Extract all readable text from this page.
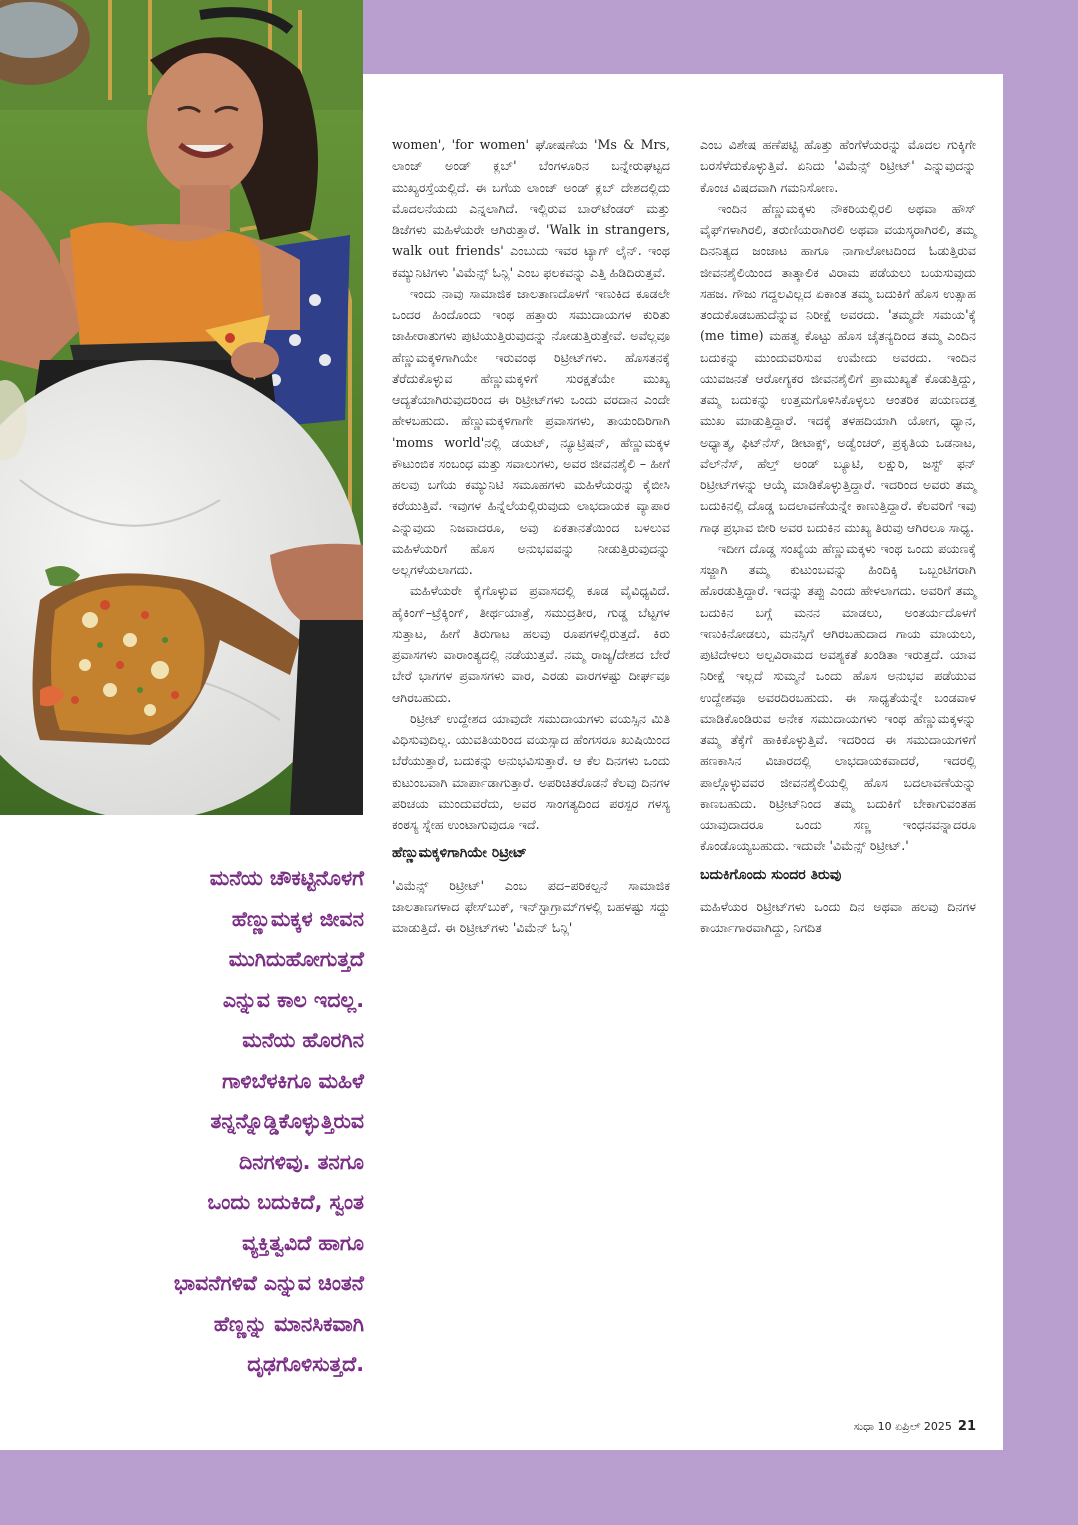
women', 'for women' ಘೋಷಣೆಯ 'Ms & Mrs, ಲಾಂಜ್ ಅಂಡ್ ಕ್ಲಬ್' ಬೆಂಗಳೂರಿನ ಬನ್ನೇರುಘಟ್ಟದ ಮುಖ್ಯರಸ್ತೆಯಲ್ಲಿದೆ. ಈ ಬಗೆಯ ಲಾಂಜ್ ಅಂಡ್ ಕ್ಲಬ್ ದೇಶದಲ್ಲಿದು ಮೊದಲನೆಯದು ಎನ್ನಲಾಗಿದೆ. ಇಲ್ಲಿರುವ ಬಾರ್‌ಟೆಂಡರ್ ಮತ್ತು ಡಿಜೆಗಳು ಮಹಿಳೆಯರೇ ಆಗಿರುತ್ತಾರೆ. 'Walk in strangers, walk out friends' ಎಂಬುದು ಇವರ ಟ್ಯಾಗ್ ಲೈನ್. ಇಂಥ ಕಮ್ಯುನಿಟಿಗಳು 'ವಿಮೆನ್ಸ್ ಓನ್ಲಿ' ಎಂಬ ಫಲಕವನ್ನು ಎತ್ತಿ ಹಿಡಿದಿರುತ್ತವೆ.

ಇಂದು ನಾವು ಸಾಮಾಜಿಕ ಜಾಲತಾಣದೊಳಗೆ ಇಣುಕಿದ ಕೂಡಲೇ ಒಂದರ ಹಿಂದೊಂದು ಇಂಥ ಹತ್ತಾರು ಸಮುದಾಯಗಳ ಕುರಿತು ಜಾಹೀರಾತುಗಳು ಪುಟಿಯುತ್ತಿರುವುದನ್ನು ನೋಡುತ್ತಿರುತ್ತೇವೆ. ಅವೆಲ್ಲವೂ ಹೆಣ್ಣುಮಕ್ಕಳಿಗಾಗಿಯೇ ಇರುವಂಥ ರಿಟ್ರೀಟ್‌ಗಳು. ಹೊಸತನಕ್ಕೆ ತೆರೆದುಕೊಳ್ಳುವ ಹೆಣ್ಣುಮಕ್ಕಳಿಗೆ ಸುರಕ್ಷತೆಯೇ ಮುಖ್ಯ ಆದ್ಯತೆಯಾಗಿರುವುದರಿಂದ ಈ ರಿಟ್ರೀಟ್‌ಗಳು ಒಂದು ವರದಾನ ಎಂದೇ ಹೇಳಬಹುದು. ಹೆಣ್ಣುಮಕ್ಕಳಿಗಾಗೇ ಪ್ರವಾಸಗಳು, ತಾಯಂದಿರಿಗಾಗಿ 'moms world'ನಲ್ಲಿ ಡಯಟ್, ನ್ಯೂಟ್ರಿಷನ್, ಹೆಣ್ಣುಮಕ್ಕಳ ಕೌಟುಂಬಿಕ ಸಂಬಂಧ ಮತ್ತು ಸವಾಲುಗಳು, ಅವರ ಜೀವನಶೈಲಿ – ಹೀಗೆ ಹಲವು ಬಗೆಯ ಕಮ್ಯುನಿಟಿ ಸಮೂಹಗಳು ಮಹಿಳೆಯರನ್ನು ಕೈಬೀಸಿ ಕರೆಯುತ್ತಿವೆ. ಇವುಗಳ ಹಿನ್ನೆಲೆಯಲ್ಲಿರುವುದು ಲಾಭದಾಯಕ ವ್ಯಾಪಾರ ಎನ್ನುವುದು ನಿಜವಾದರೂ, ಅವು ಏಕತಾನತೆಯಿಂದ ಬಳಲುವ ಮಹಿಳೆಯರಿಗೆ ಹೊಸ ಅನುಭವವನ್ನು ನೀಡುತ್ತಿರುವುದನ್ನು ಅಲ್ಲಗಳೆಯಲಾಗದು.

ಮಹಿಳೆಯರೇ ಕೈಗೊಳ್ಳುವ ಪ್ರವಾಸದಲ್ಲಿ ಕೂಡ ವೈವಿಧ್ಯವಿದೆ. ಹೈಕಿಂಗ್–ಟ್ರೆಕ್ಕಿಂಗ್, ತೀರ್ಥಯಾತ್ರೆ, ಸಮುದ್ರತೀರ, ಗುಡ್ಡ ಬೆಟ್ಟಗಳ ಸುತ್ತಾಟ, ಹೀಗೆ ತಿರುಗಾಟ ಹಲವು ರೂಪಗಳಲ್ಲಿರುತ್ತದೆ. ಕಿರು ಪ್ರವಾಸಗಳು ವಾರಾಂತ್ಯದಲ್ಲಿ ನಡೆಯುತ್ತವೆ. ನಮ್ಮ ರಾಜ್ಯ/ದೇಶದ ಬೇರೆ ಬೇರೆ ಭಾಗಗಳ ಪ್ರವಾಸಗಳು ವಾರ, ಎರಡು ವಾರಗಳಷ್ಟು ದೀರ್ಘವೂ ಆಗಿರಬಹುದು.

ರಿಟ್ರೀಟ್ ಉದ್ದೇಶದ ಯಾವುದೇ ಸಮುದಾಯಗಳು ವಯಸ್ಸಿನ ಮಿತಿ ವಿಧಿಸುವುದಿಲ್ಲ. ಯುವತಿಯರಿಂದ ವಯಸ್ಸಾದ ಹೆಂಗಸರೂ ಖುಷಿಯಿಂದ ಬೆರೆಯುತ್ತಾರೆ, ಬದುಕನ್ನು ಅನುಭವಿಸುತ್ತಾರೆ. ಆ ಕೆಲ ದಿನಗಳು ಒಂದು ಕುಟುಂಬವಾಗಿ ಮಾರ್ಪಾಡಾಗುತ್ತಾರೆ. ಅಪರಿಚಿತರೊಡನೆ ಕೆಲವು ದಿನಗಳ ಪರಿಚಯ ಮುಂದುವರೆದು, ಅವರ ಸಾಂಗತ್ಯದಿಂದ ಪರಸ್ಪರ ಗಳಸ್ಯ ಕಂಠಸ್ಯ ಸ್ನೇಹ ಉಂಟಾಗುವುದೂ ಇದೆ.

ಹೆಣ್ಣುಮಕ್ಕಳಿಗಾಗಿಯೇ ರಿಟ್ರೀಟ್

'ವಿಮೆನ್ಸ್ ರಿಟ್ರೀಟ್' ಎಂಬ ಪದ–ಪರಿಕಲ್ಪನೆ ಸಾಮಾಜಿಕ ಜಾಲತಾಣಗಳಾದ ಫೇಸ್‌ಬುಕ್, ಇನ್‌ಸ್ಟಾಗ್ರಾಮ್‌ಗಳಲ್ಲಿ ಬಹಳಷ್ಟು ಸದ್ದು ಮಾಡುತ್ತಿದೆ. ಈ ರಿಟ್ರೀಟ್‌ಗಳು 'ವಿಮೆನ್ ಓನ್ಲಿ'

ಎಂಬ ವಿಶೇಷ ಹಣೆಪಟ್ಟಿ ಹೊತ್ತು ಹೆಂಗೆಳೆಯರನ್ನು ಮೊದಲ ಗುಕ್ಕಿಗೇ ಬರಸೆಳೆದುಕೊಳ್ಳುತ್ತಿವೆ. ಏನಿದು 'ವಿಮೆನ್ಸ್ ರಿಟ್ರೀಟ್' ಎನ್ನುವುದನ್ನು ಕೊಂಚ ವಿಷದವಾಗಿ ಗಮನಿಸೋಣ.

ಇಂದಿನ ಹೆಣ್ಣುಮಕ್ಕಳು ನೌಕರಿಯಲ್ಲಿರಲಿ ಅಥವಾ ಹೌಸ್ ವೈಫ್‌ಗಳಾಗಿರಲಿ, ತರುಣಿಯರಾಗಿರಲಿ ಅಥವಾ ವಯಸ್ಕರಾಗಿರಲಿ, ತಮ್ಮ ದಿನನಿತ್ಯದ ಜಂಜಾಟ ಹಾಗೂ ನಾಗಾಲೋಟದಿಂದ ಓಡುತ್ತಿರುವ ಜೀವನಶೈಲಿಯಿಂದ ತಾತ್ಕಾಲಿಕ ವಿರಾಮ ಪಡೆಯಲು ಬಯಸುವುದು ಸಹಜ. ಗೌಜು ಗದ್ದಲವಿಲ್ಲದ ಏಕಾಂತ ತಮ್ಮ ಬದುಕಿಗೆ ಹೊಸ ಉತ್ಸಾಹ ತಂದುಕೊಡಬಹುದೆನ್ನುವ ನಿರೀಕ್ಷೆ ಅವರದು. 'ತಮ್ಮದೇ ಸಮಯ'ಕ್ಕೆ (me time) ಮಹತ್ವ ಕೊಟ್ಟು ಹೊಸ ಚೈತನ್ಯದಿಂದ ತಮ್ಮ ಎಂದಿನ ಬದುಕನ್ನು ಮುಂದುವರಿಸುವ ಉಮೇದು ಅವರದು. ಇಂದಿನ ಯುವಜನತೆ ಆರೋಗ್ಯಕರ ಜೀವನಶೈಲಿಗೆ ಪ್ರಾಮುಖ್ಯತೆ ಕೊಡುತ್ತಿದ್ದು, ತಮ್ಮ ಬದುಕನ್ನು ಉತ್ತಮಗೊಳಿಸಿಕೊಳ್ಳಲು ಆಂತರಿಕ ಪಯಣದತ್ತ ಮುಖ ಮಾಡುತ್ತಿದ್ದಾರೆ. ಇದಕ್ಕೆ ತಳಹದಿಯಾಗಿ ಯೋಗ, ಧ್ಯಾನ, ಅಧ್ಯಾತ್ಮ, ಫಿಟ್‌ನೆಸ್, ಡೀಟಾಕ್ಸ್, ಅಡ್ವೆಂಚರ್, ಪ್ರಕೃತಿಯ ಒಡನಾಟ, ವೆಲ್‌ನೆಸ್, ಹೆಲ್ತ್ ಅಂಡ್ ಬ್ಯೂಟಿ, ಲಕ್ಷುರಿ, ಜಸ್ಟ್ ಫನ್ ರಿಟ್ರೀಟ್‌ಗಳನ್ನು ಆಯ್ಕೆ ಮಾಡಿಕೊಳ್ಳುತ್ತಿದ್ದಾರೆ. ಇದರಿಂದ ಅವರು ತಮ್ಮ ಬದುಕಿನಲ್ಲಿ ದೊಡ್ಡ ಬದಲಾವಣೆಯನ್ನೇ ಕಾಣುತ್ತಿದ್ದಾರೆ. ಕೆಲವರಿಗೆ ಇವು ಗಾಢ ಪ್ರಭಾವ ಬೀರಿ ಅವರ ಬದುಕಿನ ಮುಖ್ಯ ತಿರುವು ಆಗಿರಲೂ ಸಾಧ್ಯ.

ಇದೀಗ ದೊಡ್ಡ ಸಂಖ್ಯೆಯ ಹೆಣ್ಣುಮಕ್ಕಳು ಇಂಥ ಒಂದು ಪಯಣಕ್ಕೆ ಸಜ್ಜಾಗಿ ತಮ್ಮ ಕುಟುಂಬವನ್ನು ಹಿಂದಿಕ್ಕಿ ಒಬ್ಬಂಟಿಗರಾಗಿ ಹೊರಡುತ್ತಿದ್ದಾರೆ. ಇದನ್ನು ತಪ್ಪು ಎಂದು ಹೇಳಲಾಗದು. ಅವರಿಗೆ ತಮ್ಮ ಬದುಕಿನ ಬಗ್ಗೆ ಮನನ ಮಾಡಲು, ಅಂತರ್ಯದೊಳಗೆ ಇಣುಕಿನೋಡಲು, ಮನಸ್ಸಿಗೆ ಆಗಿರಬಹುದಾದ ಗಾಯ ಮಾಯಲು, ಪುಟಿದೇಳಲು ಅಲ್ಪವಿರಾಮದ ಅವಶ್ಯಕತೆ ಖಂಡಿತಾ ಇರುತ್ತದೆ. ಯಾವ ನಿರೀಕ್ಷೆ ಇಲ್ಲದೆ ಸುಮ್ಮನೆ ಒಂದು ಹೊಸ ಅನುಭವ ಪಡೆಯುವ ಉದ್ದೇಶವೂ ಅವರದಿರಬಹುದು. ಈ ಸಾಧ್ಯತೆಯನ್ನೇ ಬಂಡವಾಳ ಮಾಡಿಕೊಂಡಿರುವ ಅನೇಕ ಸಮುದಾಯಗಳು ಇಂಥ ಹೆಣ್ಣುಮಕ್ಕಳನ್ನು ತಮ್ಮ ತೆಕ್ಕೆಗೆ ಹಾಕಿಕೊಳ್ಳುತ್ತಿವೆ. ಇದರಿಂದ ಈ ಸಮುದಾಯಗಳಿಗೆ ಹಣಕಾಸಿನ ವಿಚಾರದಲ್ಲಿ ಲಾಭದಾಯಕವಾದರೆ, ಇದರಲ್ಲಿ ಪಾಲ್ಗೊಳ್ಳುವವರ ಜೀವನಶೈಲಿಯಲ್ಲಿ ಹೊಸ ಬದಲಾವಣೆಯನ್ನು ಕಾಣಬಹುದು. ರಿಟ್ರೀಟ್‌ನಿಂದ ತಮ್ಮ ಬದುಕಿಗೆ ಬೇಕಾಗುವಂತಹ ಯಾವುದಾದರೂ ಒಂದು ಸಣ್ಣ ಇಂಧನವನ್ನಾದರೂ ಕೊಂಡೊಯ್ಯಬಹುದು. ಇದುವೇ 'ವಿಮೆನ್ಸ್ ರಿಟ್ರೀಟ್.'

ಬದುಕಿಗೊಂದು ಸುಂದರ ತಿರುವು

ಮಹಿಳೆಯರ ರಿಟ್ರೀಟ್‌ಗಳು ಒಂದು ದಿನ ಅಥವಾ ಹಲವು ದಿನಗಳ ಕಾರ್ಯಾಗಾರವಾಗಿದ್ದು, ನಿಗದಿತ

ಮನೆಯ ಚೌಕಟ್ಟಿನೊಳಗೆ
ಹೆಣ್ಣುಮಕ್ಕಳ ಜೀವನ
ಮುಗಿದುಹೋಗುತ್ತದೆ
ಎನ್ನುವ ಕಾಲ ಇದಲ್ಲ.
ಮನೆಯ ಹೊರಗಿನ
ಗಾಳಿಬೆಳಕಿಗೂ ಮಹಿಳೆ
ತನ್ನನ್ನೊಡ್ಡಿಕೊಳ್ಳುತ್ತಿರುವ
ದಿನಗಳಿವು. ತನಗೂ
ಒಂದು ಬದುಕಿದೆ, ಸ್ವಂತ
ವ್ಯಕ್ತಿತ್ವವಿದೆ ಹಾಗೂ
ಭಾವನೆಗಳಿವೆ ಎನ್ನುವ ಚಿಂತನೆ
ಹೆಣ್ಣನ್ನು ಮಾನಸಿಕವಾಗಿ
ದೃಢಗೊಳಿಸುತ್ತದೆ.
ಸುಧಾ 10 ಏಪ್ರಿಲ್ 2025 21
